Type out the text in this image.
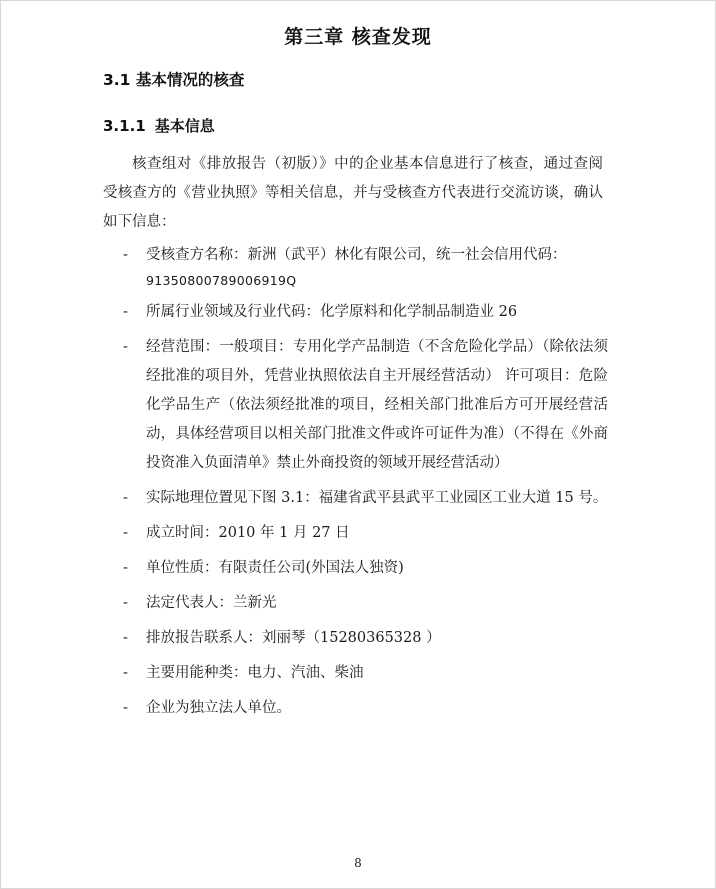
第三章 核查发现
3.1 基本情况的核查
3.1.1 基本信息

核查组对《排放报告（初版）》中的企业基本信息进行了核查，通过查阅受核查方的《营业执照》等相关信息，并与受核查方代表进行交流访谈，确认如下信息：

- 受核查方名称：新洲（武平）林化有限公司，统一社会信用代码：
91350800789006919Q
- 所属行业领域及行业代码：化学原料和化学制品制造业 26
- 经营范围：一般项目：专用化学产品制造（不含危险化学品）（除依法须经批准的项目外，凭营业执照依法自主开展经营活动） 许可项目：危险化学品生产（依法须经批准的项目，经相关部门批准后方可开展经营活动，具体经营项目以相关部门批准文件或许可证件为准）（不得在《外商投资准入负面清单》禁止外商投资的领域开展经营活动）
- 实际地理位置见下图 3.1：福建省武平县武平工业园区工业大道 15 号。
- 成立时间：2010 年 1 月 27 日
- 单位性质：有限责任公司(外国法人独资)
- 法定代表人：兰新光
- 排放报告联系人：刘丽琴（15280365328 ）
- 主要用能种类：电力、汽油、柴油
- 企业为独立法人单位。
8
